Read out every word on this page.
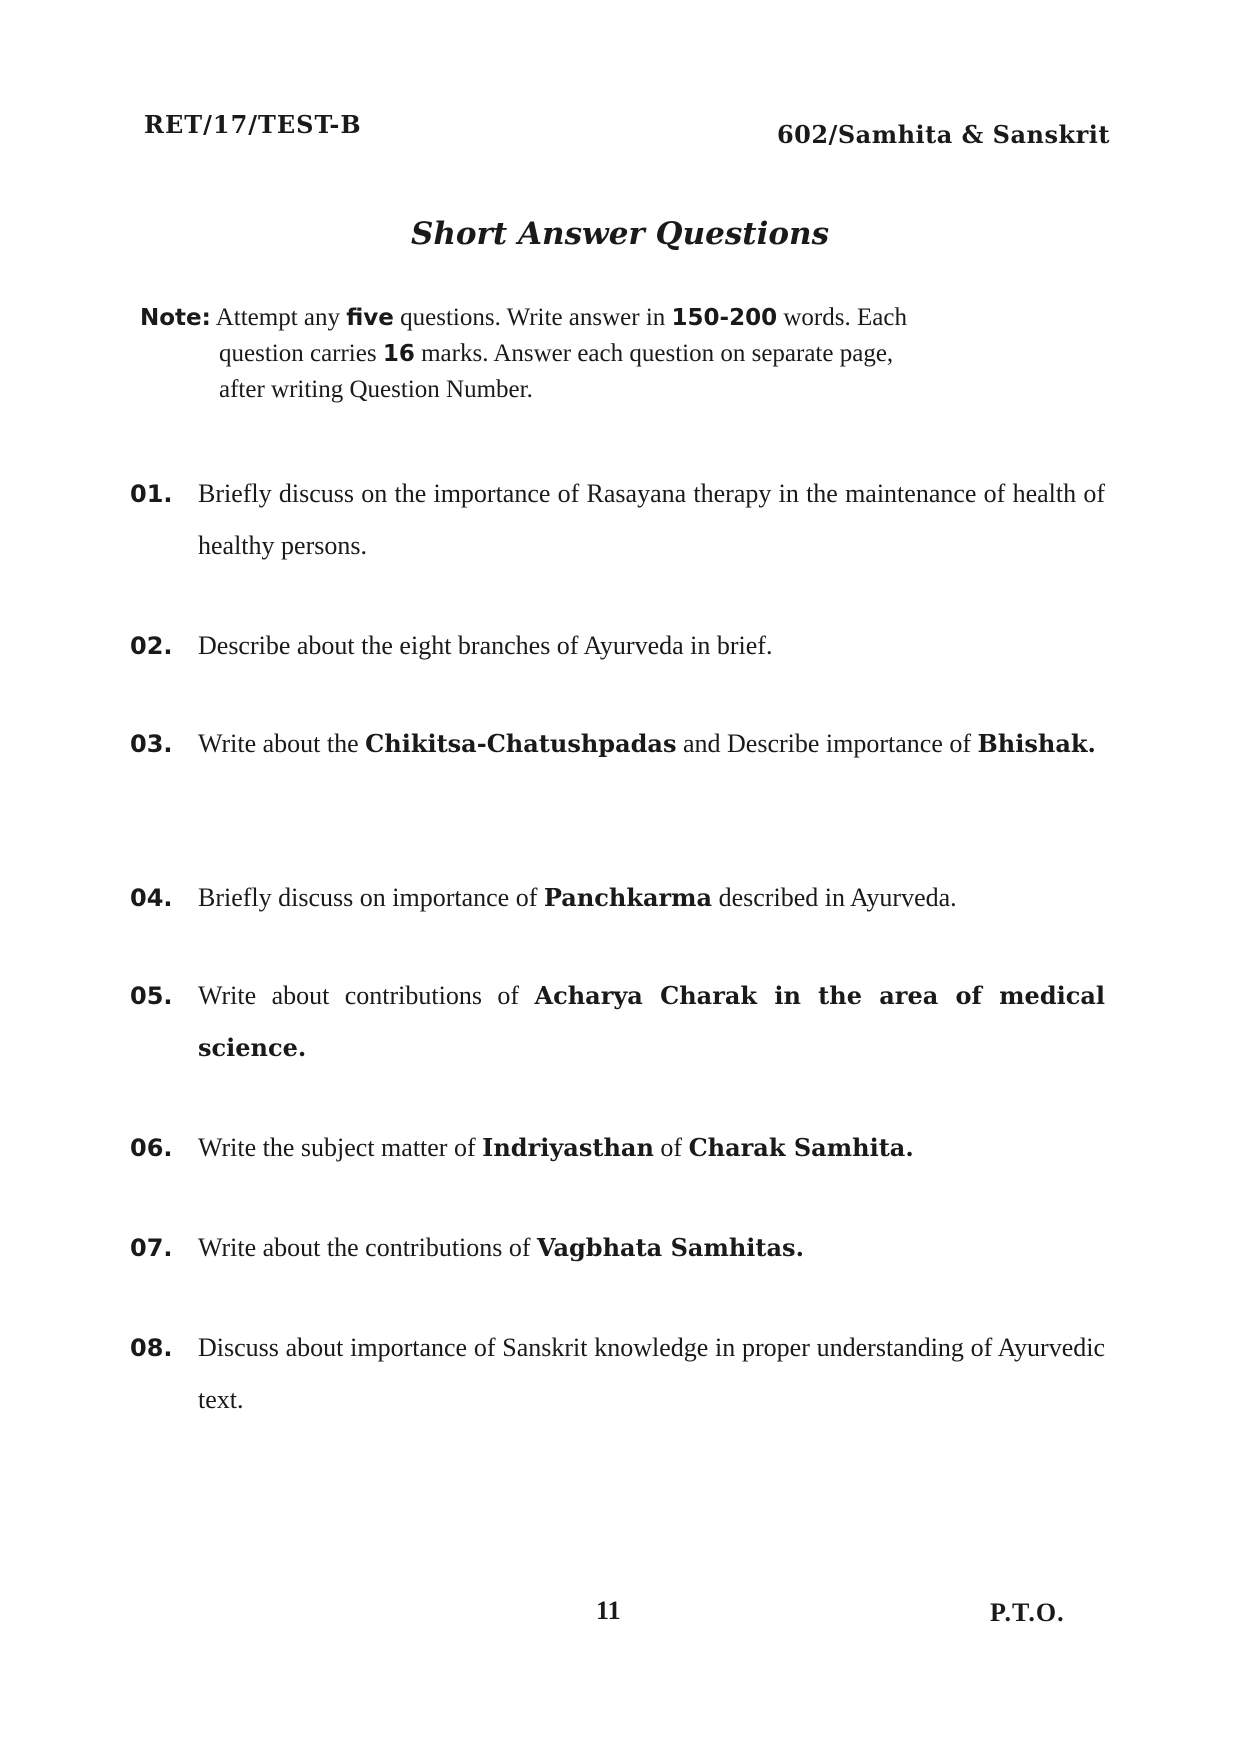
RET/17/TEST-B	602/Samhita & Sanskrit
Short Answer Questions
Note: Attempt any five questions. Write answer in 150-200 words. Each
question carries 16 marks. Answer each question on separate page,
after writing Question Number.
01. Briefly discuss on the importance of Rasayana therapy in the maintenance of health of healthy persons.
02. Describe about the eight branches of Ayurveda in brief.
03. Write about the Chikitsa-Chatushpadas and Describe importance of Bhishak.
04. Briefly discuss on importance of Panchkarma described in Ayurveda.
05. Write about contributions of Acharya Charak in the area of medical science.
06. Write the subject matter of Indriyasthan of Charak Samhita.
07. Write about the contributions of Vagbhata Samhitas.
08. Discuss about importance of Sanskrit knowledge in proper understanding of Ayurvedic text.
11	P.T.O.
